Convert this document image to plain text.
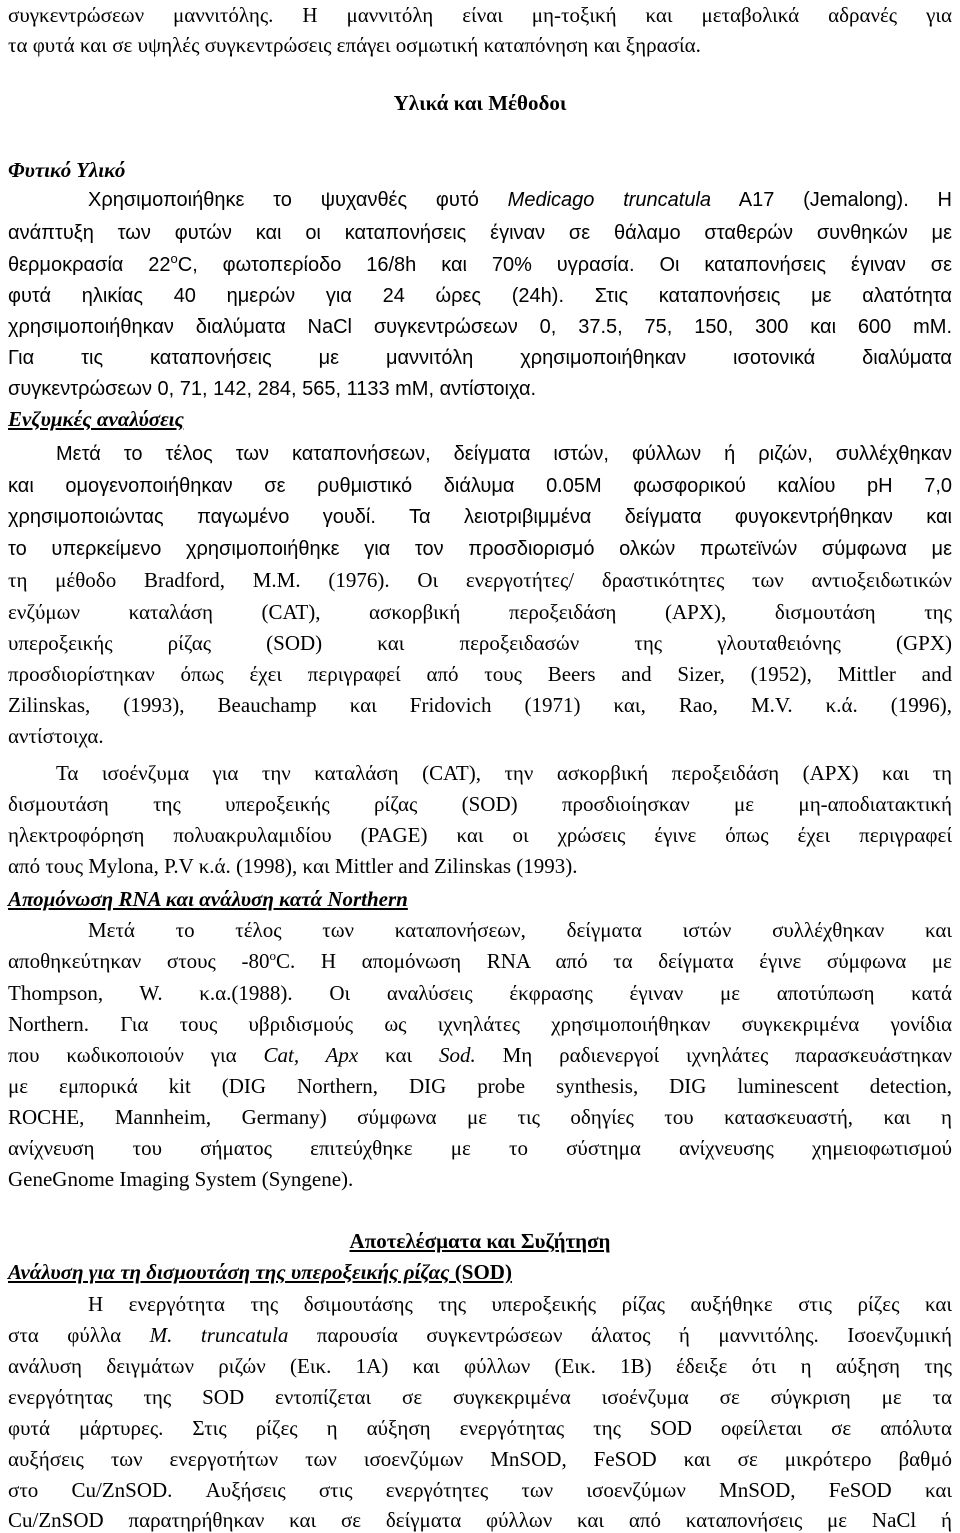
συγκεντρώσεων μαννιτόλης. Η μαννιτόλη είναι μη-τοξική και μεταβολικά αδρανές για
τα φυτά και σε υψηλές συγκεντρώσεις επάγει οσμωτική καταπόνηση και ξηρασία.
Υλικά και Μέθοδοι
Φυτικό Υλικό
Χρησιμοποιήθηκε το ψυχανθές φυτό Medicago truncatula A17 (Jemalong). Η
ανάπτυξη των φυτών και οι καταπονήσεις έγιναν σε θάλαμο σταθερών συνθηκών με
θερμοκρασία 22$^o$C, φωτοπερίοδο 16/8h και 70% υγρασία. Οι καταπονήσεις έγιναν σε
φυτά ηλικίας 40 ημερών για 24 ώρες (24h). Στις καταπονήσεις με αλατότητα
χρησιμοποιήθηκαν διαλύματα NaCl συγκεντρώσεων 0, 37.5, 75, 150, 300 και 600 mM.
Για τις καταπονήσεις με μαννιτόλη χρησιμοποιήθηκαν ισοτονικά διαλύματα
συγκεντρώσεων 0, 71, 142, 284, 565, 1133 mM, αντίστοιχα.
Ενζυμκές αναλύσεις
Μετά το τέλος των καταπονήσεων, δείγματα ιστών, φύλλων ή ριζών, συλλέχθηκαν
και ομογενοποιήθηκαν σε ρυθμιστικό διάλυμα 0.05M φωσφορικού καλίου pH 7,0
χρησιμοποιώντας παγωμένο γουδί. Τα λειοτριβιμμένα δείγματα φυγοκεντρήθηκαν και
το υπερκείμενο χρησιμοποιήθηκε για τον προσδιορισμό ολκών πρωτεϊνών σύμφωνα με
τη μέθοδο Bradford, M.M. (1976). Οι ενεργοτήτες/ δραστικότητες των αντιοξειδωτικών
ενζύμων καταλάση (CAT), ασκορβική περοξειδάση (APX), δισμουτάση της
υπεροξεικής ρίζας (SOD) και περοξειδασών της γλουταθειόνης (GPX)
προσδιορίστηκαν όπως έχει περιγραφεί από τους Beers and Sizer, (1952), Mittler and
Zilinskas, (1993), Beauchamp και Fridovich (1971) και, Rao, M.V. κ.ά. (1996),
αντίστοιχα.
Τα ισοένζυμα για την καταλάση (CAT), την ασκορβική περοξειδάση (APX) και τη
δισμουτάση της υπεροξεικής ρίζας (SOD) προσδιοίησκαν με μη-αποδιατακτική
ηλεκτροφόρηση πολυακρυλαμιδίου (PAGE) και οι χρώσεις έγινε όπως έχει περιγραφεί
από τους Mylona, P.V κ.ά. (1998), και Mittler and Zilinskas (1993).
Απομόνωση RNA και ανάλυση κατά Northern
Μετά το τέλος των καταπονήσεων, δείγματα ιστών συλλέχθηκαν και
αποθηκεύτηκαν στους -80$^o$C. Η απομόνωση RNA από τα δείγματα έγινε σύμφωνα με
Thompson, W. κ.α.(1988). Οι αναλύσεις έκφρασης έγιναν με αποτύπωση κατά
Northern. Για τους υβριδισμούς ως ιχνηλάτες χρησιμοποιήθηκαν συγκεκριμένα γονίδια
που κωδικοποιούν για Cat, Apx και Sod. Μη ραδιενεργοί ιχνηλάτες παρασκευάστηκαν
με εμπορικά kit (DIG Northern, DIG probe synthesis, DIG luminescent detection,
ROCHE, Mannheim, Germany) σύμφωνα με τις οδηγίες του κατασκευαστή, και η
ανίχνευση του σήματος επιτεύχθηκε με το σύστημα ανίχνευσης χημειοφωτισμού
GeneGnome Imaging System (Syngene).
Αποτελέσματα και Συζήτηση
Ανάλυση για τη δισμουτάση της υπεροξεικής ρίζας (SOD)
Η ενεργότητα της δσιμουτάσης της υπεροξεικής ρίζας αυξήθηκε στις ρίζες και
στα φύλλα M. truncatula παρουσία συγκεντρώσεων άλατος ή μαννιτόλης. Ισοενζυμική
ανάλυση δειγμάτων ριζών (Εικ. 1A) και φύλλων (Εικ. 1B) έδειξε ότι η αύξηση της
ενεργότητας της SOD εντοπίζεται σε συγκεκριμένα ισοένζυμα σε σύγκριση με τα
φυτά μάρτυρες. Στις ρίζες η αύξηση ενεργότητας της SOD οφείλεται σε απόλυτα
αυξήσεις των ενεργοτήτων των ισοενζύμων MnSOD, FeSOD και σε μικρότερο βαθμό
στο Cu/ZnSOD. Αυξήσεις στις ενεργότητες των ισοενζύμων MnSOD, FeSOD και
Cu/ZnSOD παρατηρήθηκαν και σε δείγματα φύλλων και από καταπονήσεις με NaCl ή
